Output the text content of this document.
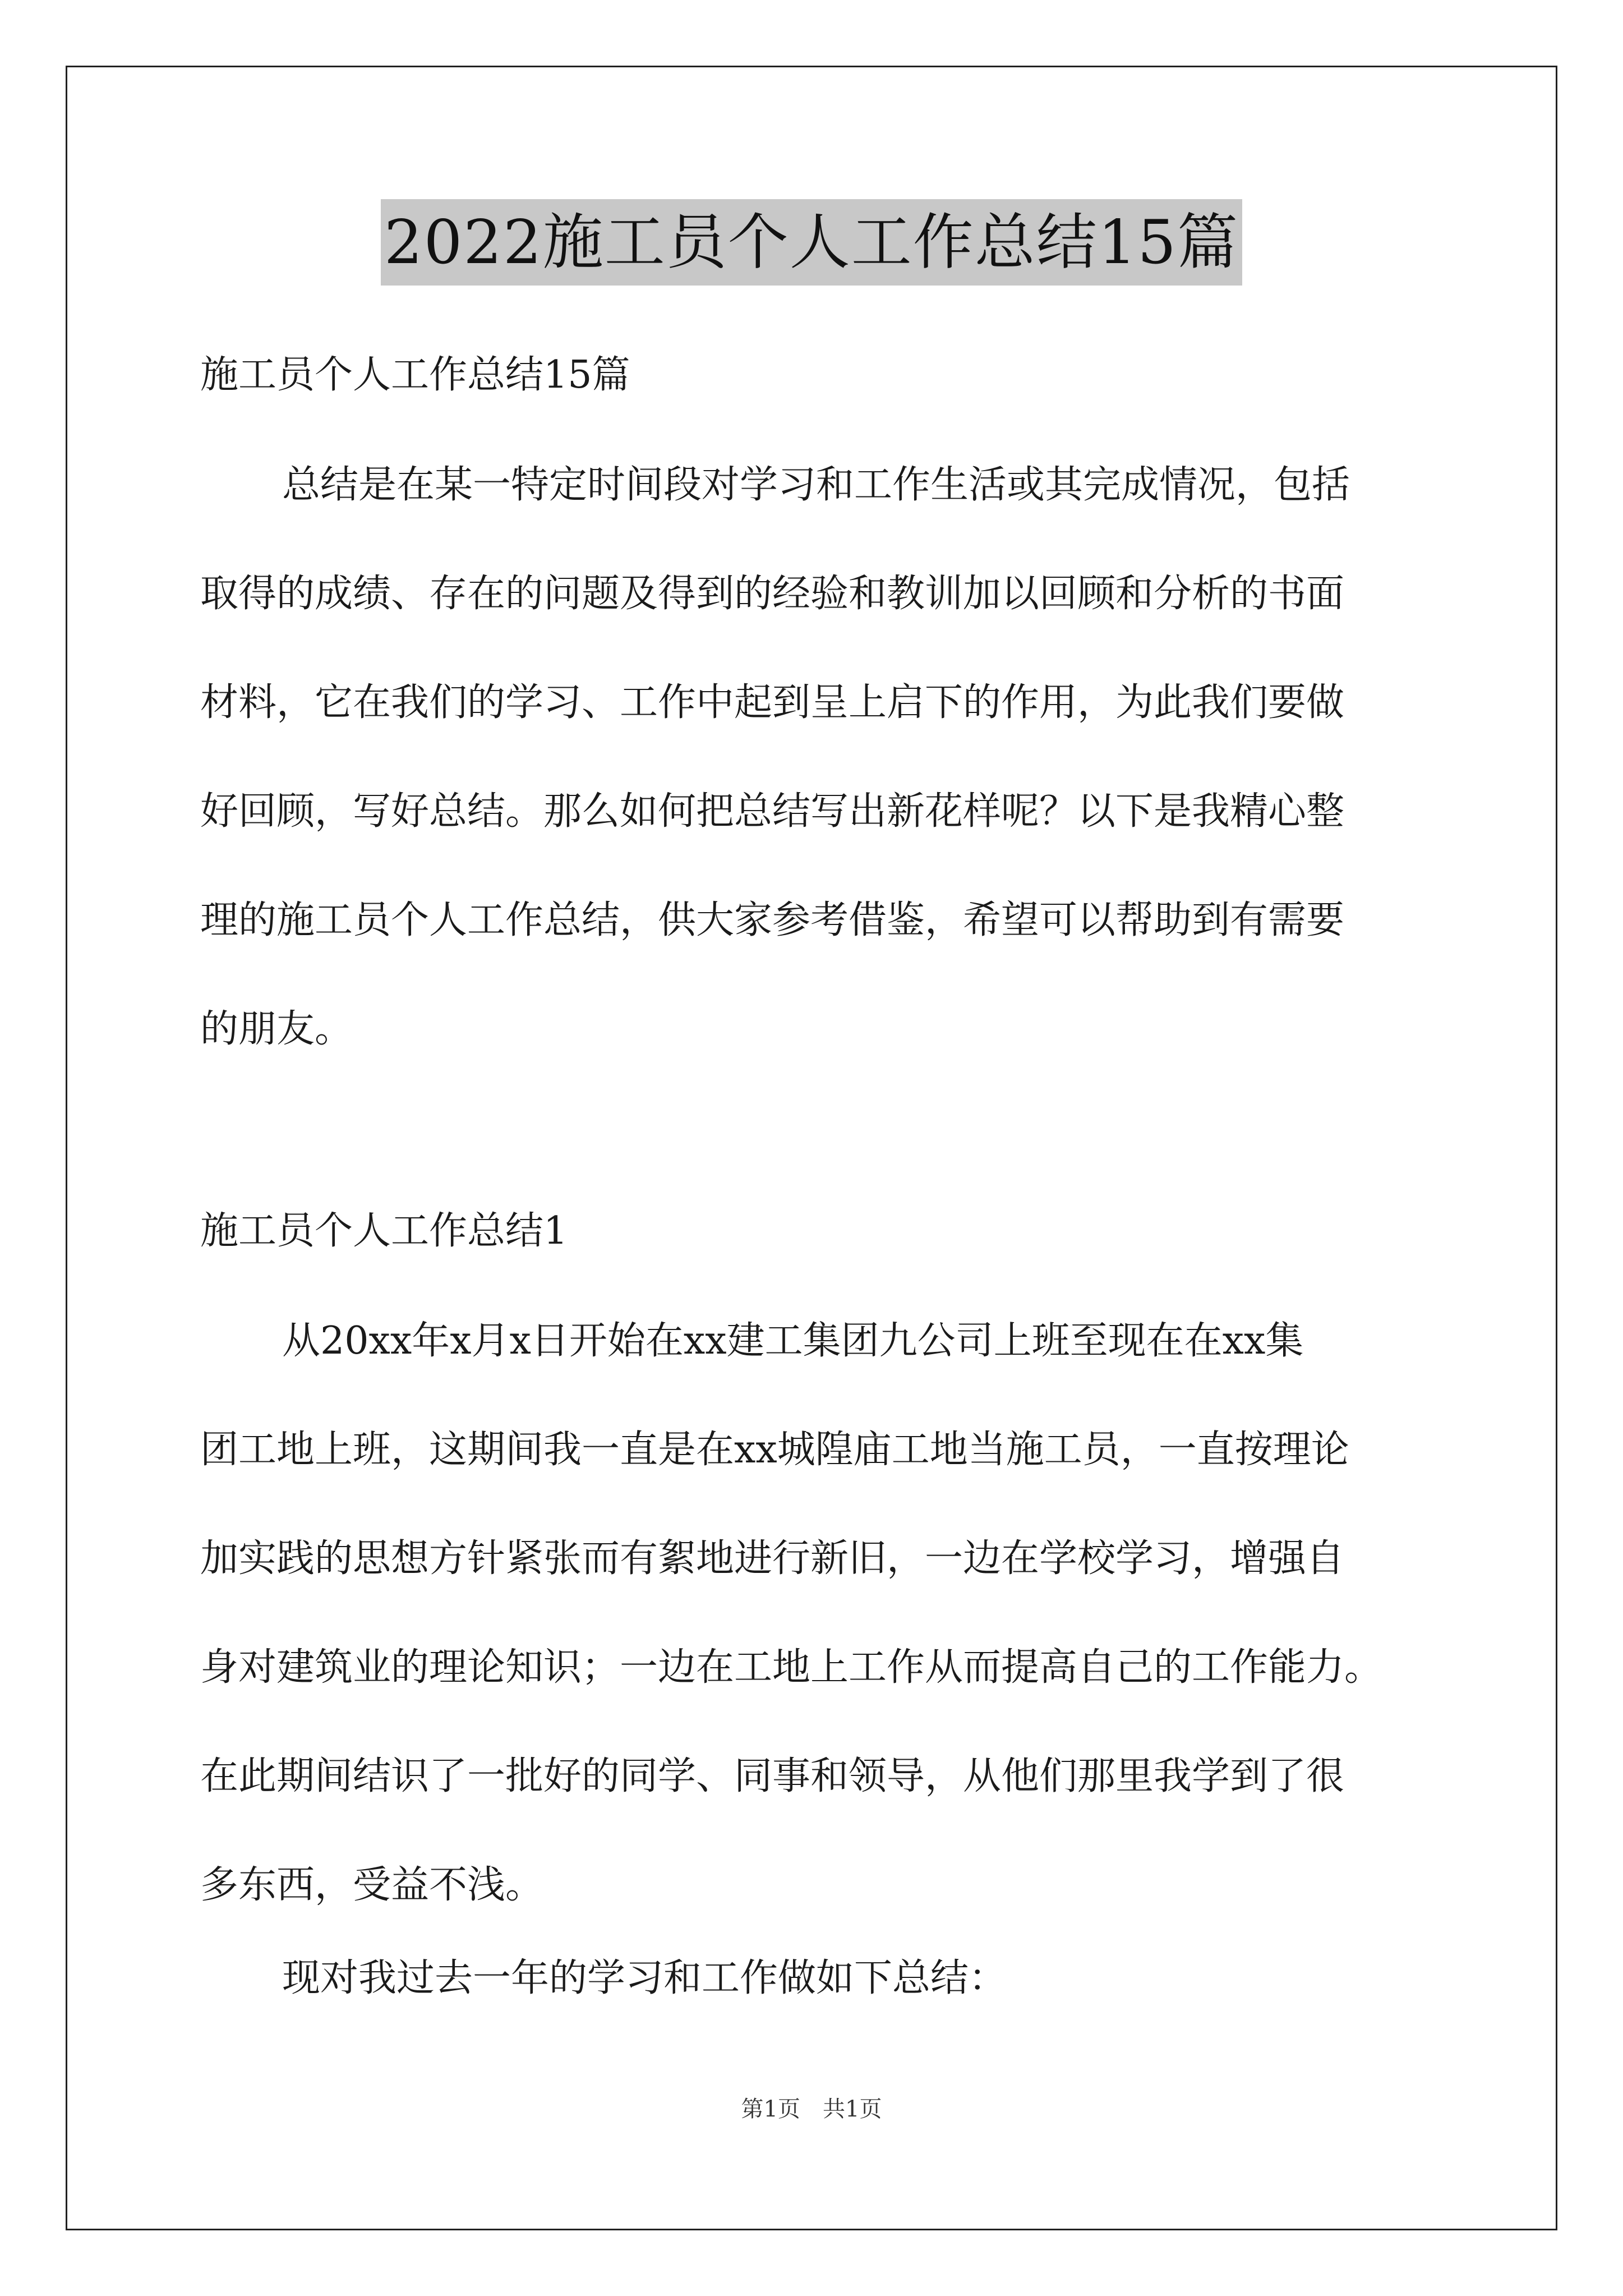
2022施工员个人工作总结15篇
施工员个人工作总结15篇
总结是在某一特定时间段对学习和工作生活或其完成情况，包括
取得的成绩、存在的问题及得到的经验和教训加以回顾和分析的书面
材料，它在我们的学习、工作中起到呈上启下的作用，为此我们要做
好回顾，写好总结。那么如何把总结写出新花样呢？以下是我精心整
理的施工员个人工作总结，供大家参考借鉴，希望可以帮助到有需要
的朋友。
施工员个人工作总结1
从20xx年x月x日开始在xx建工集团九公司上班至现在在xx集
团工地上班，这期间我一直是在xx城隍庙工地当施工员，一直按理论
加实践的思想方针紧张而有絮地进行新旧，一边在学校学习，增强自
身对建筑业的理论知识；一边在工地上工作从而提高自己的工作能力。
在此期间结识了一批好的同学、同事和领导，从他们那里我学到了很
多东西，受益不浅。
现对我过去一年的学习和工作做如下总结：
第1页　共1页
